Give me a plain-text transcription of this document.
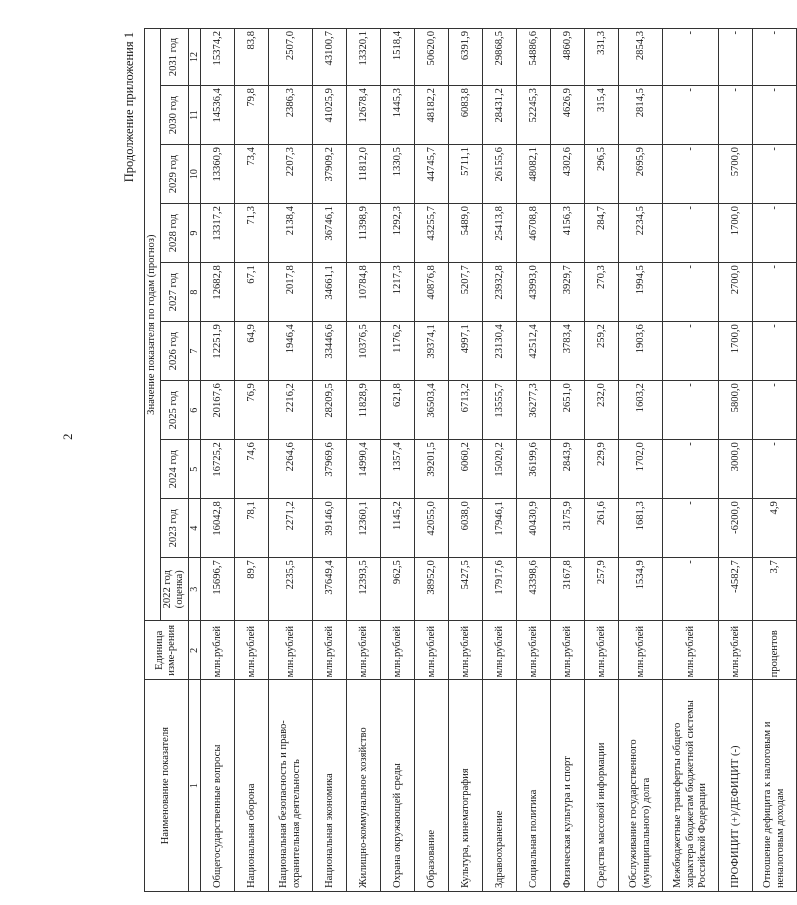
2
Продолжение приложения 1
Наименование показателя	Единица изме-рения	Значение показателя по годам (прогноз)									
		2022 год (оценка)	2023 год	2024 год	2025 год	2026 год	2027 год	2028 год	2029 год	2030 год	2031 год
1	2	3	4	5	6	7	8	9	10	11	12
Общегосударственные вопросы	млн.рублей	15696,7	16042,8	16725,2	20167,6	12251,9	12682,8	13317,2	13360,9	14536,4	15374,2
Национальная оборона	млн.рублей	89,7	78,1	74,6	76,9	64,9	67,1	71,3	73,4	79,8	83,8
Национальная безопасность и право-охранительная деятельность	млн.рублей	2235,5	2271,2	2264,6	2216,2	1946,4	2017,8	2138,4	2207,3	2386,3	2507,0
Национальная экономика	млн.рублей	37649,4	39146,0	37969,6	28209,5	33446,6	34661,1	36746,1	37909,2	41025,9	43100,7
Жилищно-коммунальное хозяйство	млн.рублей	12393,5	12360,1	14990,4	11828,9	10376,5	10784,8	11398,9	11812,0	12678,4	13320,1
Охрана окружающей среды	млн.рублей	962,5	1145,2	1357,4	621,8	1176,2	1217,3	1292,3	1330,5	1445,3	1518,4
Образование	млн.рублей	38952,0	42055,0	39201,5	36503,4	39374,1	40876,8	43255,7	44745,7	48182,2	50620,0
Культура, кинематография	млн.рублей	5427,5	6038,0	6060,2	6713,2	4997,1	5207,7	5489,0	5711,1	6083,8	6391,9
Здравоохранение	млн.рублей	17917,6	17946,1	15020,2	13555,7	23130,4	23932,8	25413,8	26155,6	28431,2	29868,5
Социальная политика	млн.рублей	43398,6	40430,9	36199,6	36277,3	42512,4	43993,0	46708,8	48082,1	52245,3	54886,6
Физическая культура и спорт	млн.рублей	3167,8	3175,9	2843,9	2651,0	3783,4	3929,7	4156,3	4302,6	4626,9	4860,9
Средства массовой информации	млн.рублей	257,9	261,6	229,9	232,0	259,2	270,3	284,7	296,5	315,4	331,3
Обслуживание государственного (муниципального) долга	млн.рублей	1534,9	1681,3	1702,0	1603,2	1903,6	1994,5	2234,5	2695,9	2814,5	2854,3
Межбюджетные трансферты общего характера бюджетам бюджетной системы Российской Федерации	млн.рублей	-	-	-	-	-	-	-	-	-	-
ПРОФИЦИТ (+)/ДЕФИЦИТ (-)	млн.рублей	-4582,7	-6200,0	3000,0	5800,0	1700,0	2700,0	1700,0	5700,0	-	-
Отношение дефицита к налоговым и неналоговым доходам	процентов	3,7	4,9	-	-	-	-	-	-	-	-
